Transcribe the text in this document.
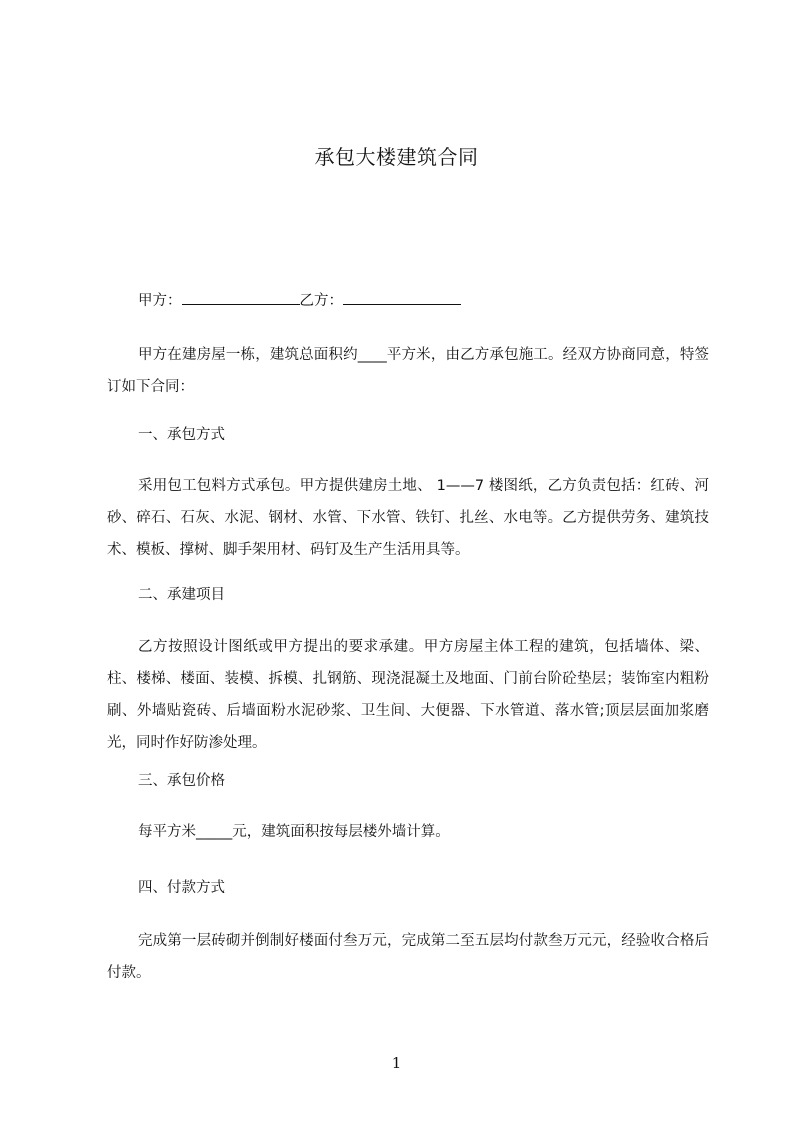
承包大楼建筑合同
甲方：	乙方：
甲方在建房屋一栋，建筑总面积约____平方米，由乙方承包施工。经双方协商同意，特签订如下合同：
一、承包方式
采用包工包料方式承包。甲方提供建房土地、 1——7 楼图纸，乙方负责包括：红砖、河砂、碎石、石灰、水泥、钢材、水管、下水管、铁钉、扎丝、水电等。乙方提供劳务、建筑技术、模板、撑树、脚手架用材、码钉及生产生活用具等。
二、承建项目
乙方按照设计图纸或甲方提出的要求承建。甲方房屋主体工程的建筑，包括墙体、梁、柱、楼梯、楼面、装模、拆模、扎钢筋、现浇混凝土及地面、门前台阶砼垫层；装饰室内粗粉刷、外墙贴瓷砖、后墙面粉水泥砂浆、卫生间、大便器、下水管道、落水管;顶层层面加浆磨光，同时作好防渗处理。
三、承包价格
每平方米_____元，建筑面积按每层楼外墙计算。
四、付款方式
完成第一层砖砌并倒制好楼面付叁万元，完成第二至五层均付款叁万元元，经验收合格后付款。
1
